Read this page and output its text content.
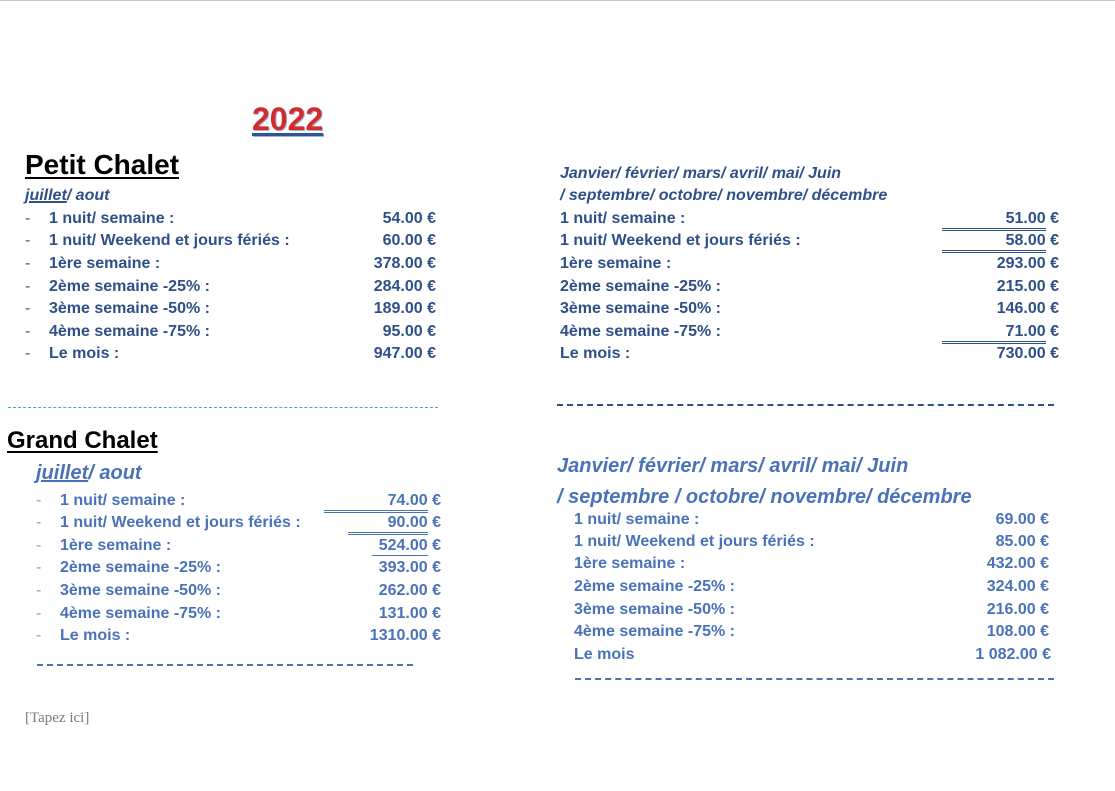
2022
Petit Chalet
juillet/ aout
- 1 nuit/ semaine :	54.00 €
- 1 nuit/ Weekend et jours fériés :	60.00 €
- 1ère semaine :	378.00 €
- 2ème semaine -25% :	284.00 €
- 3ème semaine -50% :	189.00 €
- 4ème semaine -75% :	95.00 €
- Le mois :	947.00 €
Janvier/ février/ mars/ avril/ mai/ Juin
/ septembre/ octobre/ novembre/ décembre
1 nuit/ semaine :	51.00 €
1 nuit/ Weekend et jours fériés :	58.00 €
1ère semaine :	293.00 €
2ème semaine -25% :	215.00 €
3ème semaine -50% :	146.00 €
4ème semaine -75% :	71.00 €
Le mois :	730.00 €
Grand Chalet
juillet/ aout
- 1 nuit/ semaine :	74.00 €
- 1 nuit/ Weekend et jours fériés :	90.00 €
- 1ère semaine :	524.00 €
- 2ème semaine -25% :	393.00 €
- 3ème semaine -50% :	262.00 €
- 4ème semaine -75% :	131.00 €
- Le mois :	1310.00 €
Janvier/ février/ mars/ avril/ mai/ Juin
/ septembre / octobre/ novembre/ décembre
1 nuit/ semaine :	69.00 €
1 nuit/ Weekend et jours fériés :	85.00 €
1ère semaine :	432.00 €
2ème semaine -25% :	324.00 €
3ème semaine -50% :	216.00 €
4ème semaine -75% :	108.00 €
Le mois	1 082.00 €
[Tapez ici]
